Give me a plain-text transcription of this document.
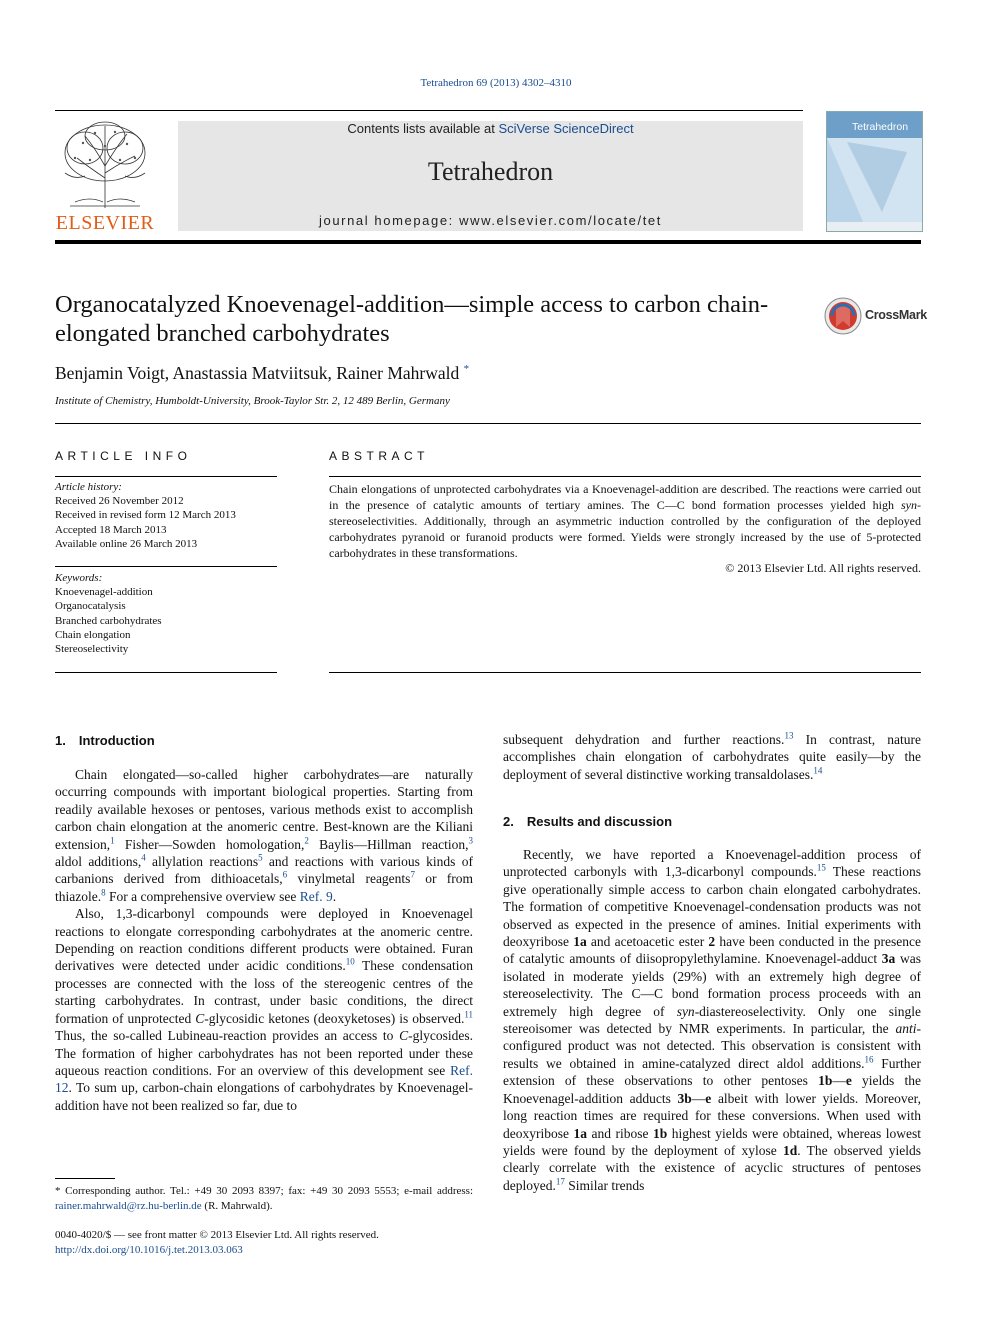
Tetrahedron 69 (2013) 4302–4310
ELSEVIER
Contents lists available at SciVerse ScienceDirect
Tetrahedron
journal homepage: www.elsevier.com/locate/tet
Tetrahedron
Organocatalyzed Knoevenagel-addition—simple access to carbon chain-elongated branched carbohydrates
CrossMark
Benjamin Voigt, Anastassia Matviitsuk, Rainer Mahrwald *
Institute of Chemistry, Humboldt-University, Brook-Taylor Str. 2, 12 489 Berlin, Germany
ARTICLE INFO	ABSTRACT
Article history:
Received 26 November 2012
Received in revised form 12 March 2013
Accepted 18 March 2013
Available online 26 March 2013
Keywords:
Knoevenagel-addition
Organocatalysis
Branched carbohydrates
Chain elongation
Stereoselectivity
Chain elongations of unprotected carbohydrates via a Knoevenagel-addition are described. The reactions were carried out in the presence of catalytic amounts of tertiary amines. The C—C bond formation processes yielded high syn-stereoselectivities. Additionally, through an asymmetric induction controlled by the configuration of the deployed carbohydrates pyranoid or furanoid products were formed. Yields were strongly increased by the use of 5-protected carbohydrates in these transformations.
© 2013 Elsevier Ltd. All rights reserved.
1. Introduction

Chain elongated—so-called higher carbohydrates—are naturally occurring compounds with important biological properties. Starting from readily available hexoses or pentoses, various methods exist to accomplish carbon chain elongation at the anomeric centre. Best-known are the Kiliani extension,$^1$ Fisher—Sowden homologation,$^2$ Baylis—Hillman reaction,$^3$ aldol additions,$^4$ allylation reactions$^5$ and reactions with various kinds of carbanions derived from dithioacetals,$^6$ vinylmetal reagents$^7$ or from thiazole.$^8$ For a comprehensive overview see Ref. 9.

Also, 1,3-dicarbonyl compounds were deployed in Knoevenagel reactions to elongate corresponding carbohydrates at the anomeric centre. Depending on reaction conditions different products were obtained. Furan derivatives were detected under acidic conditions.$^{10}$ These condensation processes are connected with the loss of the stereogenic centres of the starting carbohydrates. In contrast, under basic conditions, the direct formation of unprotected C-glycosidic ketones (deoxyketoses) is observed.$^{11}$ Thus, the so-called Lubineau-reaction provides an access to C-glycosides. The formation of higher carbohydrates has not been reported under these aqueous reaction conditions. For an overview of this development see Ref. 12. To sum up, carbon-chain elongations of carbohydrates by Knoevenagel-addition have not been realized so far, due to

subsequent dehydration and further reactions.$^{13}$ In contrast, nature accomplishes chain elongation of carbohydrates quite easily—by the deployment of several distinctive working transaldolases.$^{14}$

2. Results and discussion

Recently, we have reported a Knoevenagel-addition process of unprotected carbonyls with 1,3-dicarbonyl compounds.$^{15}$ These reactions give operationally simple access to carbon chain elongated carbohydrates. The formation of competitive Knoevenagel-condensation products was not observed as expected in the presence of amines. Initial experiments with deoxyribose 1a and acetoacetic ester 2 have been conducted in the presence of catalytic amounts of diisopropylethylamine. Knoevenagel-adduct 3a was isolated in moderate yields (29%) with an extremely high degree of stereoselectivity. The C—C bond formation process proceeds with an extremely high degree of syn-diastereoselectivity. Only one single stereoisomer was detected by NMR experiments. In particular, the anti-configured product was not detected. This observation is consistent with results we obtained in amine-catalyzed direct aldol additions.$^{16}$ Further extension of these observations to other pentoses 1b—e yields the Knoevenagel-addition adducts 3b—e albeit with lower yields. Moreover, long reaction times are required for these conversions. When used with deoxyribose 1a and ribose 1b highest yields were obtained, whereas lowest yields were found by the deployment of xylose 1d. The observed yields clearly correlate with the existence of acyclic structures of pentoses deployed.$^{17}$ Similar trends

* Corresponding author. Tel.: +49 30 2093 8397; fax: +49 30 2093 5553; e-mail address: rainer.mahrwald@rz.hu-berlin.de (R. Mahrwald).
0040-4020/$ — see front matter © 2013 Elsevier Ltd. All rights reserved.
http://dx.doi.org/10.1016/j.tet.2013.03.063
